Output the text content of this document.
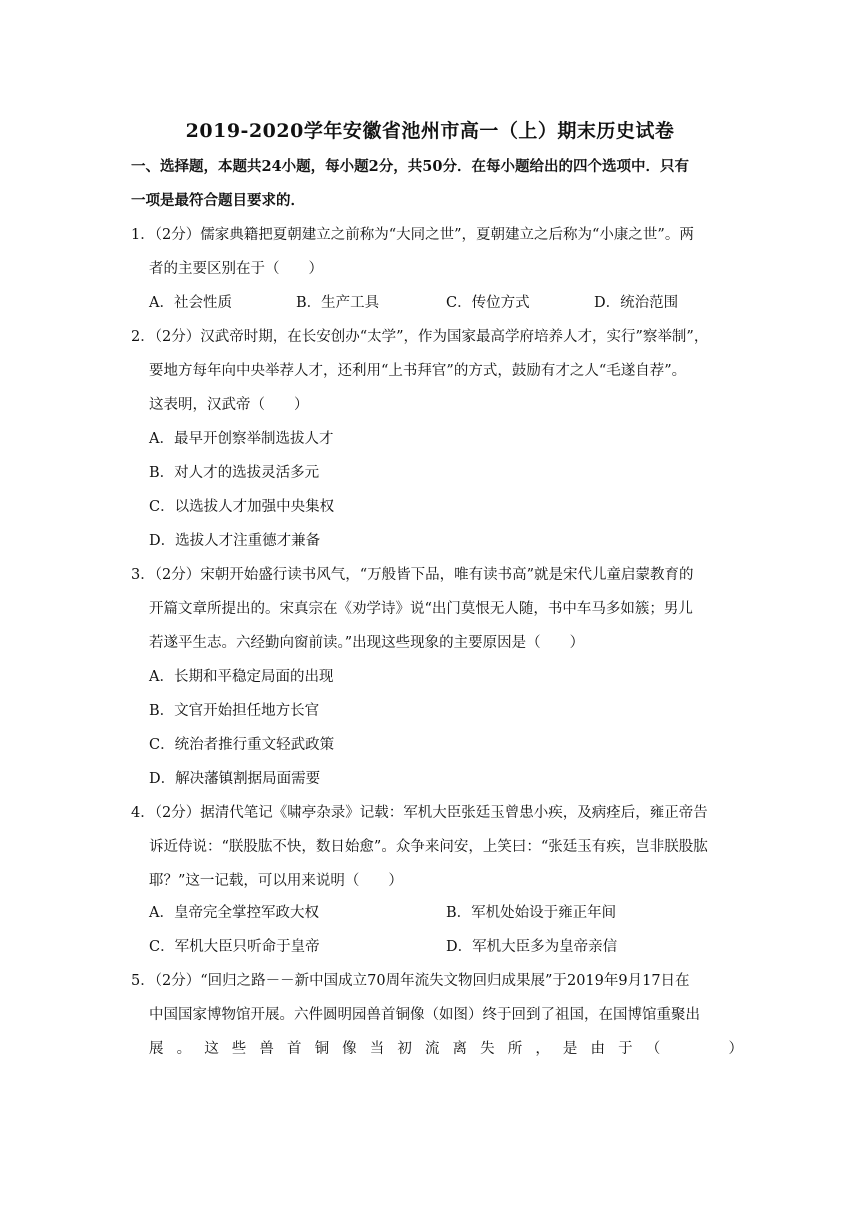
2019-2020学年安徽省池州市高一（上）期末历史试卷
一、选择题，本题共24小题，每小题2分，共50分．在每小题给出的四个选项中．只有
一项是最符合题目要求的．
1．（2分）儒家典籍把夏朝建立之前称为“大同之世”，夏朝建立之后称为“小康之世”。两
者的主要区别在于（　　）
A．社会性质	B．生产工具	C．传位方式	D．统治范围
2．（2分）汉武帝时期，在长安创办“太学”，作为国家最高学府培养人才，实行”察举制”，
要地方每年向中央举荐人才，还利用“上书拜官”的方式，鼓励有才之人“毛遂自荐”。
这表明，汉武帝（　　）
A．最早开创察举制选拔人才
B．对人才的选拔灵活多元
C．以选拔人才加强中央集权
D．选拔人才注重德才兼备
3．（2分）宋朝开始盛行读书风气，“万般皆下品，唯有读书高”就是宋代儿童启蒙教育的
开篇文章所提出的。宋真宗在《劝学诗》说“出门莫恨无人随，书中车马多如簇；男儿
若遂平生志。六经勤向窗前读。”出现这些现象的主要原因是（　　）
A．长期和平稳定局面的出现
B．文官开始担任地方长官
C．统治者推行重文轻武政策
D．解决藩镇割据局面需要
4．（2分）据清代笔记《啸亭杂录》记载：军机大臣张廷玉曾患小疾，及病痊后，雍正帝告
诉近侍说：“朕股肱不快，数日始愈”。众争来问安，上笑曰：“张廷玉有疾，岂非朕股肱
耶？”这一记载，可以用来说明（　　）
A．皇帝完全掌控军政大权	B．军机处始设于雍正年间
C．军机大臣只听命于皇帝	D．军机大臣多为皇帝亲信
5．（2分）“回归之路－－新中国成立70周年流失文物回归成果展”于2019年9月17日在
中国国家博物馆开展。六件圆明园兽首铜像（如图）终于回到了祖国，在国博馆重聚出
展 。 这 些 兽 首 铜 像 当 初 流 离 失 所 ， 是 由 于 （

　	）
